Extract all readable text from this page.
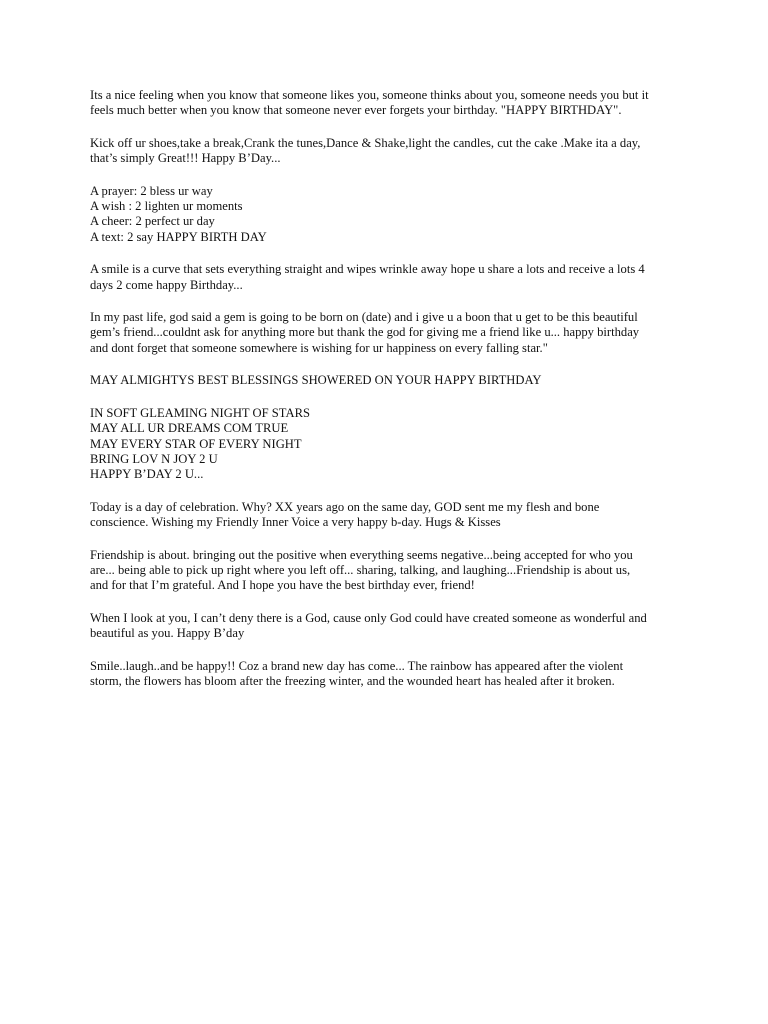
Its a nice feeling when you know that someone likes you, someone thinks about you, someone needs you but it
feels much better when you know that someone never ever forgets your birthday. "HAPPY BIRTHDAY".

Kick off ur shoes,take a break,Crank the tunes,Dance & Shake,light the candles, cut the cake .Make ita a day,
that’s simply Great!!! Happy B’Day...

A prayer: 2 bless ur way
A wish : 2 lighten ur moments
A cheer: 2 perfect ur day
A text: 2 say HAPPY BIRTH DAY

A smile is a curve that sets everything straight and wipes wrinkle away hope u share a lots and receive a lots 4
days 2 come happy Birthday...

In my past life, god said a gem is going to be born on (date) and i give u a boon that u get to be this beautiful
gem’s friend...couldnt ask for anything more but thank the god for giving me a friend like u... happy birthday
and dont forget that someone somewhere is wishing for ur happiness on every falling star."

MAY ALMIGHTYS BEST BLESSINGS SHOWERED ON YOUR HAPPY BIRTHDAY

IN SOFT GLEAMING NIGHT OF STARS
MAY ALL UR DREAMS COM TRUE
MAY EVERY STAR OF EVERY NIGHT
BRING LOV N JOY 2 U
HAPPY B’DAY 2 U...

Today is a day of celebration. Why? XX years ago on the same day, GOD sent me my flesh and bone
conscience. Wishing my Friendly Inner Voice a very happy b-day. Hugs & Kisses

Friendship is about. bringing out the positive when everything seems negative...being accepted for who you
are... being able to pick up right where you left off... sharing, talking, and laughing...Friendship is about us,
and for that I’m grateful. And I hope you have the best birthday ever, friend!

When I look at you, I can’t deny there is a God, cause only God could have created someone as wonderful and
beautiful as you. Happy B’day

Smile..laugh..and be happy!! Coz a brand new day has come... The rainbow has appeared after the violent
storm, the flowers has bloom after the freezing winter, and the wounded heart has healed after it broken.
